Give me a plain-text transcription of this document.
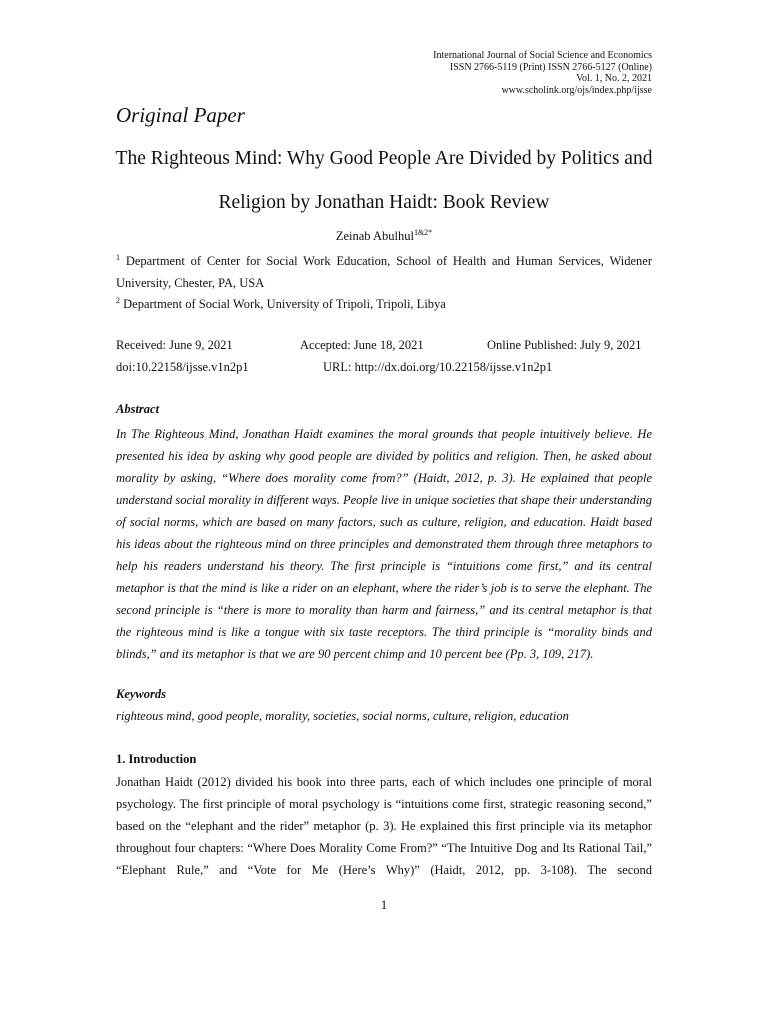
International Journal of Social Science and Economics
ISSN 2766-5119 (Print) ISSN 2766-5127 (Online)
Vol. 1, No. 2, 2021
www.scholink.org/ojs/index.php/ijsse
Original Paper
The Righteous Mind: Why Good People Are Divided by Politics and Religion by Jonathan Haidt: Book Review
Zeinab Abulhul$^{1\&2*}$
$^1$ Department of Center for Social Work Education, School of Health and Human Services, Widener University, Chester, PA, USA
$^2$ Department of Social Work, University of Tripoli, Tripoli, Libya
Received: June 9, 2021	Accepted: June 18, 2021	Online Published: July 9, 2021
doi:10.22158/ijsse.v1n2p1	URL: http://dx.doi.org/10.22158/ijsse.v1n2p1
Abstract
In The Righteous Mind, Jonathan Haidt examines the moral grounds that people intuitively believe. He presented his idea by asking why good people are divided by politics and religion. Then, he asked about morality by asking, “Where does morality come from?” (Haidt, 2012, p. 3). He explained that people understand social morality in different ways. People live in unique societies that shape their understanding of social norms, which are based on many factors, such as culture, religion, and education. Haidt based his ideas about the righteous mind on three principles and demonstrated them through three metaphors to help his readers understand his theory. The first principle is “intuitions come first,” and its central metaphor is that the mind is like a rider on an elephant, where the rider’s job is to serve the elephant. The second principle is “there is more to morality than harm and fairness,” and its central metaphor is that the righteous mind is like a tongue with six taste receptors. The third principle is “morality binds and blinds,” and its metaphor is that we are 90 percent chimp and 10 percent bee (Pp. 3, 109, 217).
Keywords
righteous mind, good people, morality, societies, social norms, culture, religion, education
1. Introduction
Jonathan Haidt (2012) divided his book into three parts, each of which includes one principle of moral psychology. The first principle of moral psychology is “intuitions come first, strategic reasoning second,” based on the “elephant and the rider” metaphor (p. 3). He explained this first principle via its metaphor throughout four chapters: “Where Does Morality Come From?” “The Intuitive Dog and Its Rational Tail,” “Elephant Rule,” and “Vote for Me (Here’s Why)” (Haidt, 2012, pp. 3-108). The second
1
